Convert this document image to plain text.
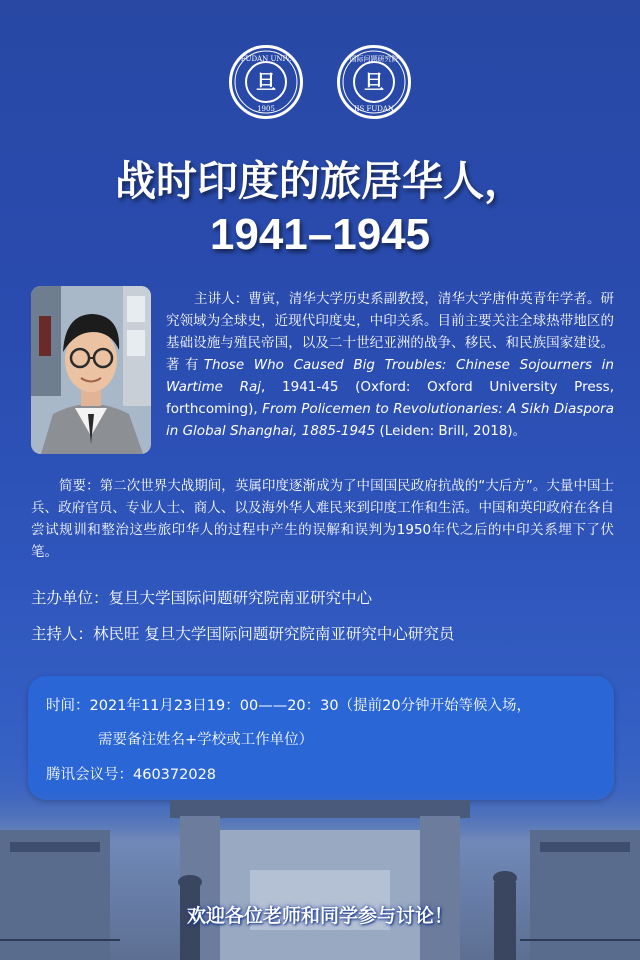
旦
FUDAN UNIV.
1905
旦
国际问题研究院
IIS FUDAN
战时印度的旅居华人，
1941–1945
主讲人：曹寅，清华大学历史系副教授，清华大学唐仲英青年学者。研究领域为全球史，近现代印度史，中印关系。目前主要关注全球热带地区的基础设施与殖民帝国，以及二十世纪亚洲的战争、移民、和民族国家建设。著有Those Who Caused Big Troubles: Chinese Sojourners in Wartime Raj, 1941-45 (Oxford: Oxford University Press, forthcoming), From Policemen to Revolutionaries: A Sikh Diaspora in Global Shanghai, 1885-1945 (Leiden: Brill, 2018)。
简要：第二次世界大战期间，英属印度逐渐成为了中国国民政府抗战的“大后方”。大量中国士兵、政府官员、专业人士、商人、以及海外华人难民来到印度工作和生活。中国和英印政府在各自尝试规训和整治这些旅印华人的过程中产生的误解和误判为1950年代之后的中印关系埋下了伏笔。
主办单位：复旦大学国际问题研究院南亚研究中心
主持人：林民旺 复旦大学国际问题研究院南亚研究中心研究员
时间：2021年11月23日19：00——20：30（提前20分钟开始等候入场，
需要备注姓名+学校或工作单位）
腾讯会议号：460372028
欢迎各位老师和同学参与讨论！
